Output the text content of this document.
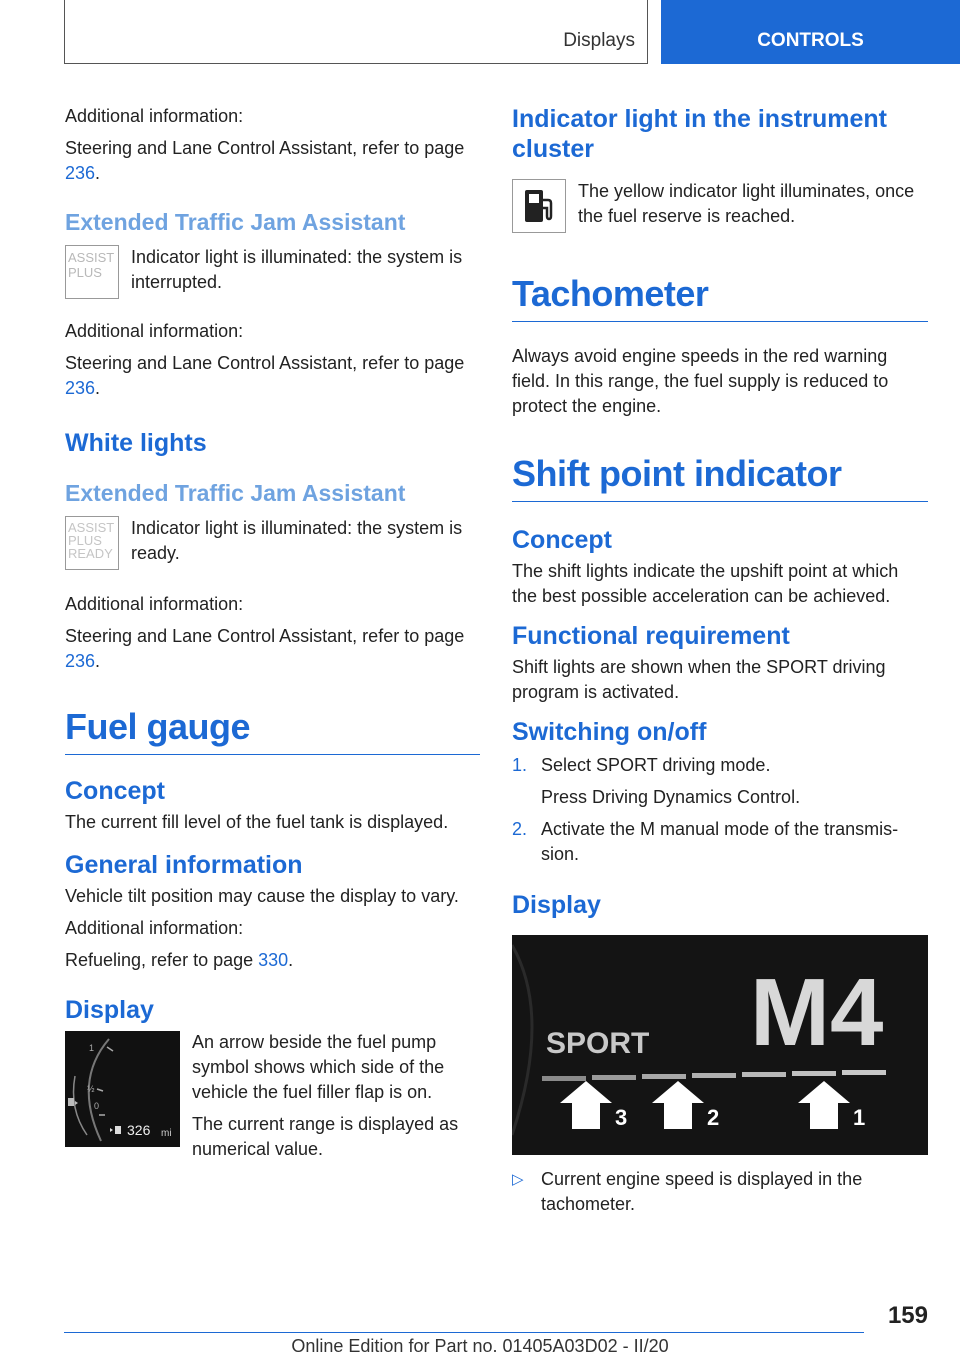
Displays	CONTROLS

Additional information:

Steering and Lane Control Assistant, refer to page 236.

Extended Traffic Jam Assistant
ASSIST PLUS

Indicator light is illuminated: the system is interrupted.

Additional information:

Steering and Lane Control Assistant, refer to page 236.

White lights
Extended Traffic Jam Assistant
ASSIST PLUS READY

Indicator light is illuminated: the system is ready.

Additional information:

Steering and Lane Control Assistant, refer to page 236.

Fuel gauge
Concept

The current fill level of the fuel tank is displayed.

General information

Vehicle tilt position may cause the display to vary.

Additional information:

Refueling, refer to page 330.

Display
1
½
0
326 mi

An arrow beside the fuel pump symbol shows which side of the vehicle the fuel filler flap is on.

The current range is displayed as numerical value.

Indicator light in the instrument cluster

The yellow indicator light illuminates, once the fuel reserve is reached.

Tachometer

Always avoid engine speeds in the red warning field. In this range, the fuel supply is reduced to protect the engine.

Shift point indicator
Concept

The shift lights indicate the upshift point at which the best possible acceleration can be achieved.

Functional requirement

Shift lights are shown when the SPORT driving program is activated.

Switching on/off
1. Select SPORT driving mode.

Press Driving Dynamics Control.

2. Activate the M manual mode of the transmis-sion.

Display
M4
SPORT
3	2	1
▷ Current engine speed is displayed in the tachometer.

159
Online Edition for Part no. 01405A03D02 - II/20
